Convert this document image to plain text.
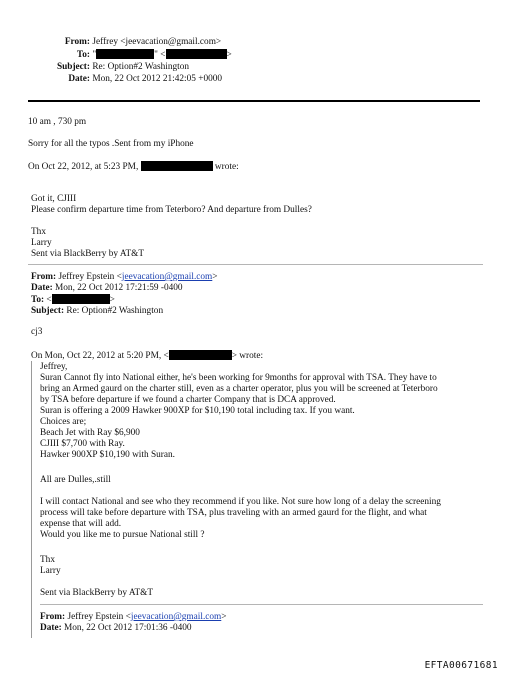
From: Jeffrey <jeevacation@gmail.com>
To: "	" <	>
Subject: Re: Option#2 Washington
Date: Mon, 22 Oct 2012 21:42:05 +0000
10 am , 730 pm
Sorry for all the typos .Sent from my iPhone
On Oct 22, 2012, at 5:23 PM,	wrote:
Got it, CJIII
Please confirm departure time from Teterboro? And departure from Dulles?
Thx
Larry
Sent via BlackBerry by AT&T
From: Jeffrey Epstein <jeevacation@gmail.com>
Date: Mon, 22 Oct 2012 17:21:59 -0400
To: <	>
Subject: Re: Option#2 Washington
cj3
On Mon, Oct 22, 2012 at 5:20 PM, <	> wrote:
Jeffrey,
Suran Cannot fly into National either, he's been working for 9months for approval with TSA. They have to
bring an Armed gaurd on the charter still, even as a charter operator, plus you will be screened at Teterboro
by TSA before departure if we found a charter Company that is DCA approved.
Suran is offering a 2009 Hawker 900XP for $10,190 total including tax. If you want.
Choices are;
Beach Jet with Ray $6,900
CJIII $7,700 with Ray.
Hawker 900XP $10,190 with Suran.
All are Dulles,.still
I will contact National and see who they recommend if you like. Not sure how long of a delay the screening
process will take before departure with TSA, plus traveling with an armed gaurd for the flight, and what
expense that will add.
Would you like me to pursue National still ?
Thx
Larry
Sent via BlackBerry by AT&T
From: Jeffrey Epstein <jeevacation@gmail.com>
Date: Mon, 22 Oct 2012 17:01:36 -0400
EFTA00671681
